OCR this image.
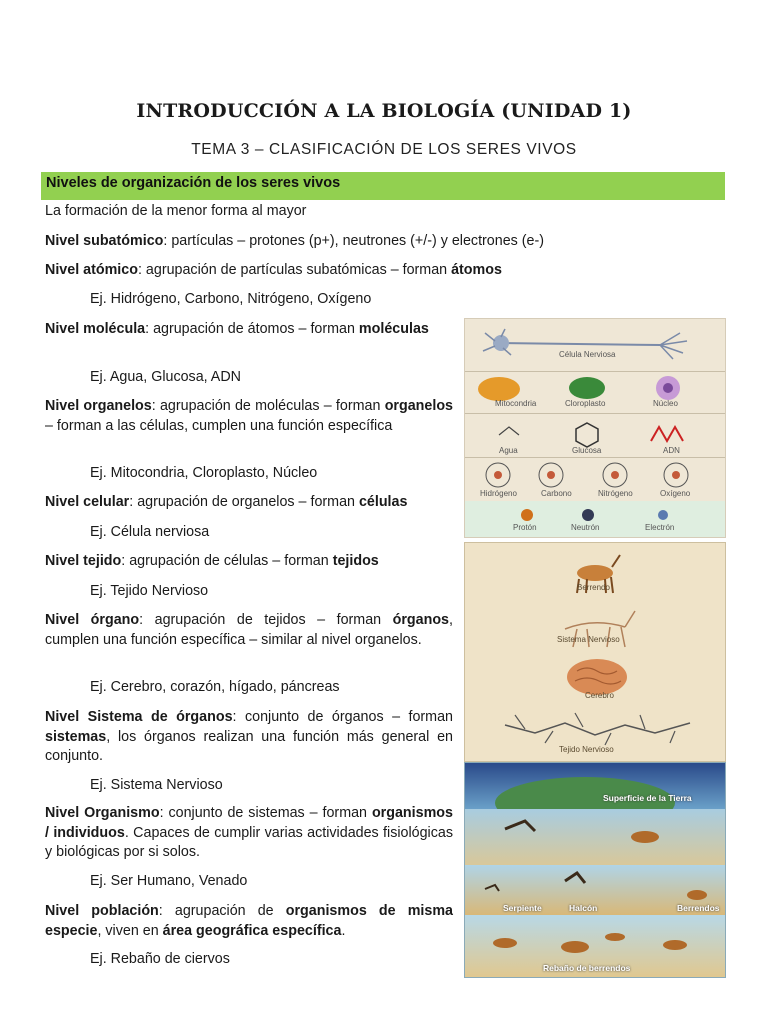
INTRODUCCIÓN A LA BIOLOGÍA (UNIDAD 1)
TEMA 3 – CLASIFICACIÓN DE LOS SERES VIVOS
Niveles de organización de los seres vivos

La formación de la menor forma al mayor

Nivel subatómico: partículas – protones (p+), neutrones (+/-) y electrones (e-)

Nivel atómico: agrupación de partículas subatómicas – forman átomos

Ej. Hidrógeno, Carbono, Nitrógeno, Oxígeno

Nivel molécula: agrupación de átomos – forman moléculas

Ej. Agua, Glucosa, ADN

Nivel organelos: agrupación de moléculas – forman organelos – forman a las células, cumplen una función específica

Ej. Mitocondria, Cloroplasto, Núcleo

Nivel celular: agrupación de organelos – forman células

Ej. Célula nerviosa

Nivel tejido: agrupación de células – forman tejidos

Ej. Tejido Nervioso

Nivel órgano: agrupación de tejidos – forman órganos, cumplen una función específica – similar al nivel organelos.

Ej. Cerebro, corazón, hígado, páncreas

Nivel Sistema de órganos: conjunto de órganos – forman sistemas, los órganos realizan una función más general en conjunto.

Ej. Sistema Nervioso

Nivel Organismo: conjunto de sistemas – forman organismos / individuos. Capaces de cumplir varias actividades fisiológicas y biológicas por si solos.

Ej. Ser Humano, Venado

Nivel población: agrupación de organismos de misma especie, viven en área geográfica específica.

Ej. Rebaño de ciervos

Célula Nerviosa
Mitocondria	Cloroplasto	Núcleo
Agua	Glucosa	ADN
Hidrógeno	Carbono	Nitrógeno	Oxígeno
Protón	Neutrón	Electrón
Berrendo
Sistema Nervioso
Cerebro
Tejido Nervioso
Superficie de la Tierra
Serpiente	Halcón	Berrendos
Rebaño de berrendos
